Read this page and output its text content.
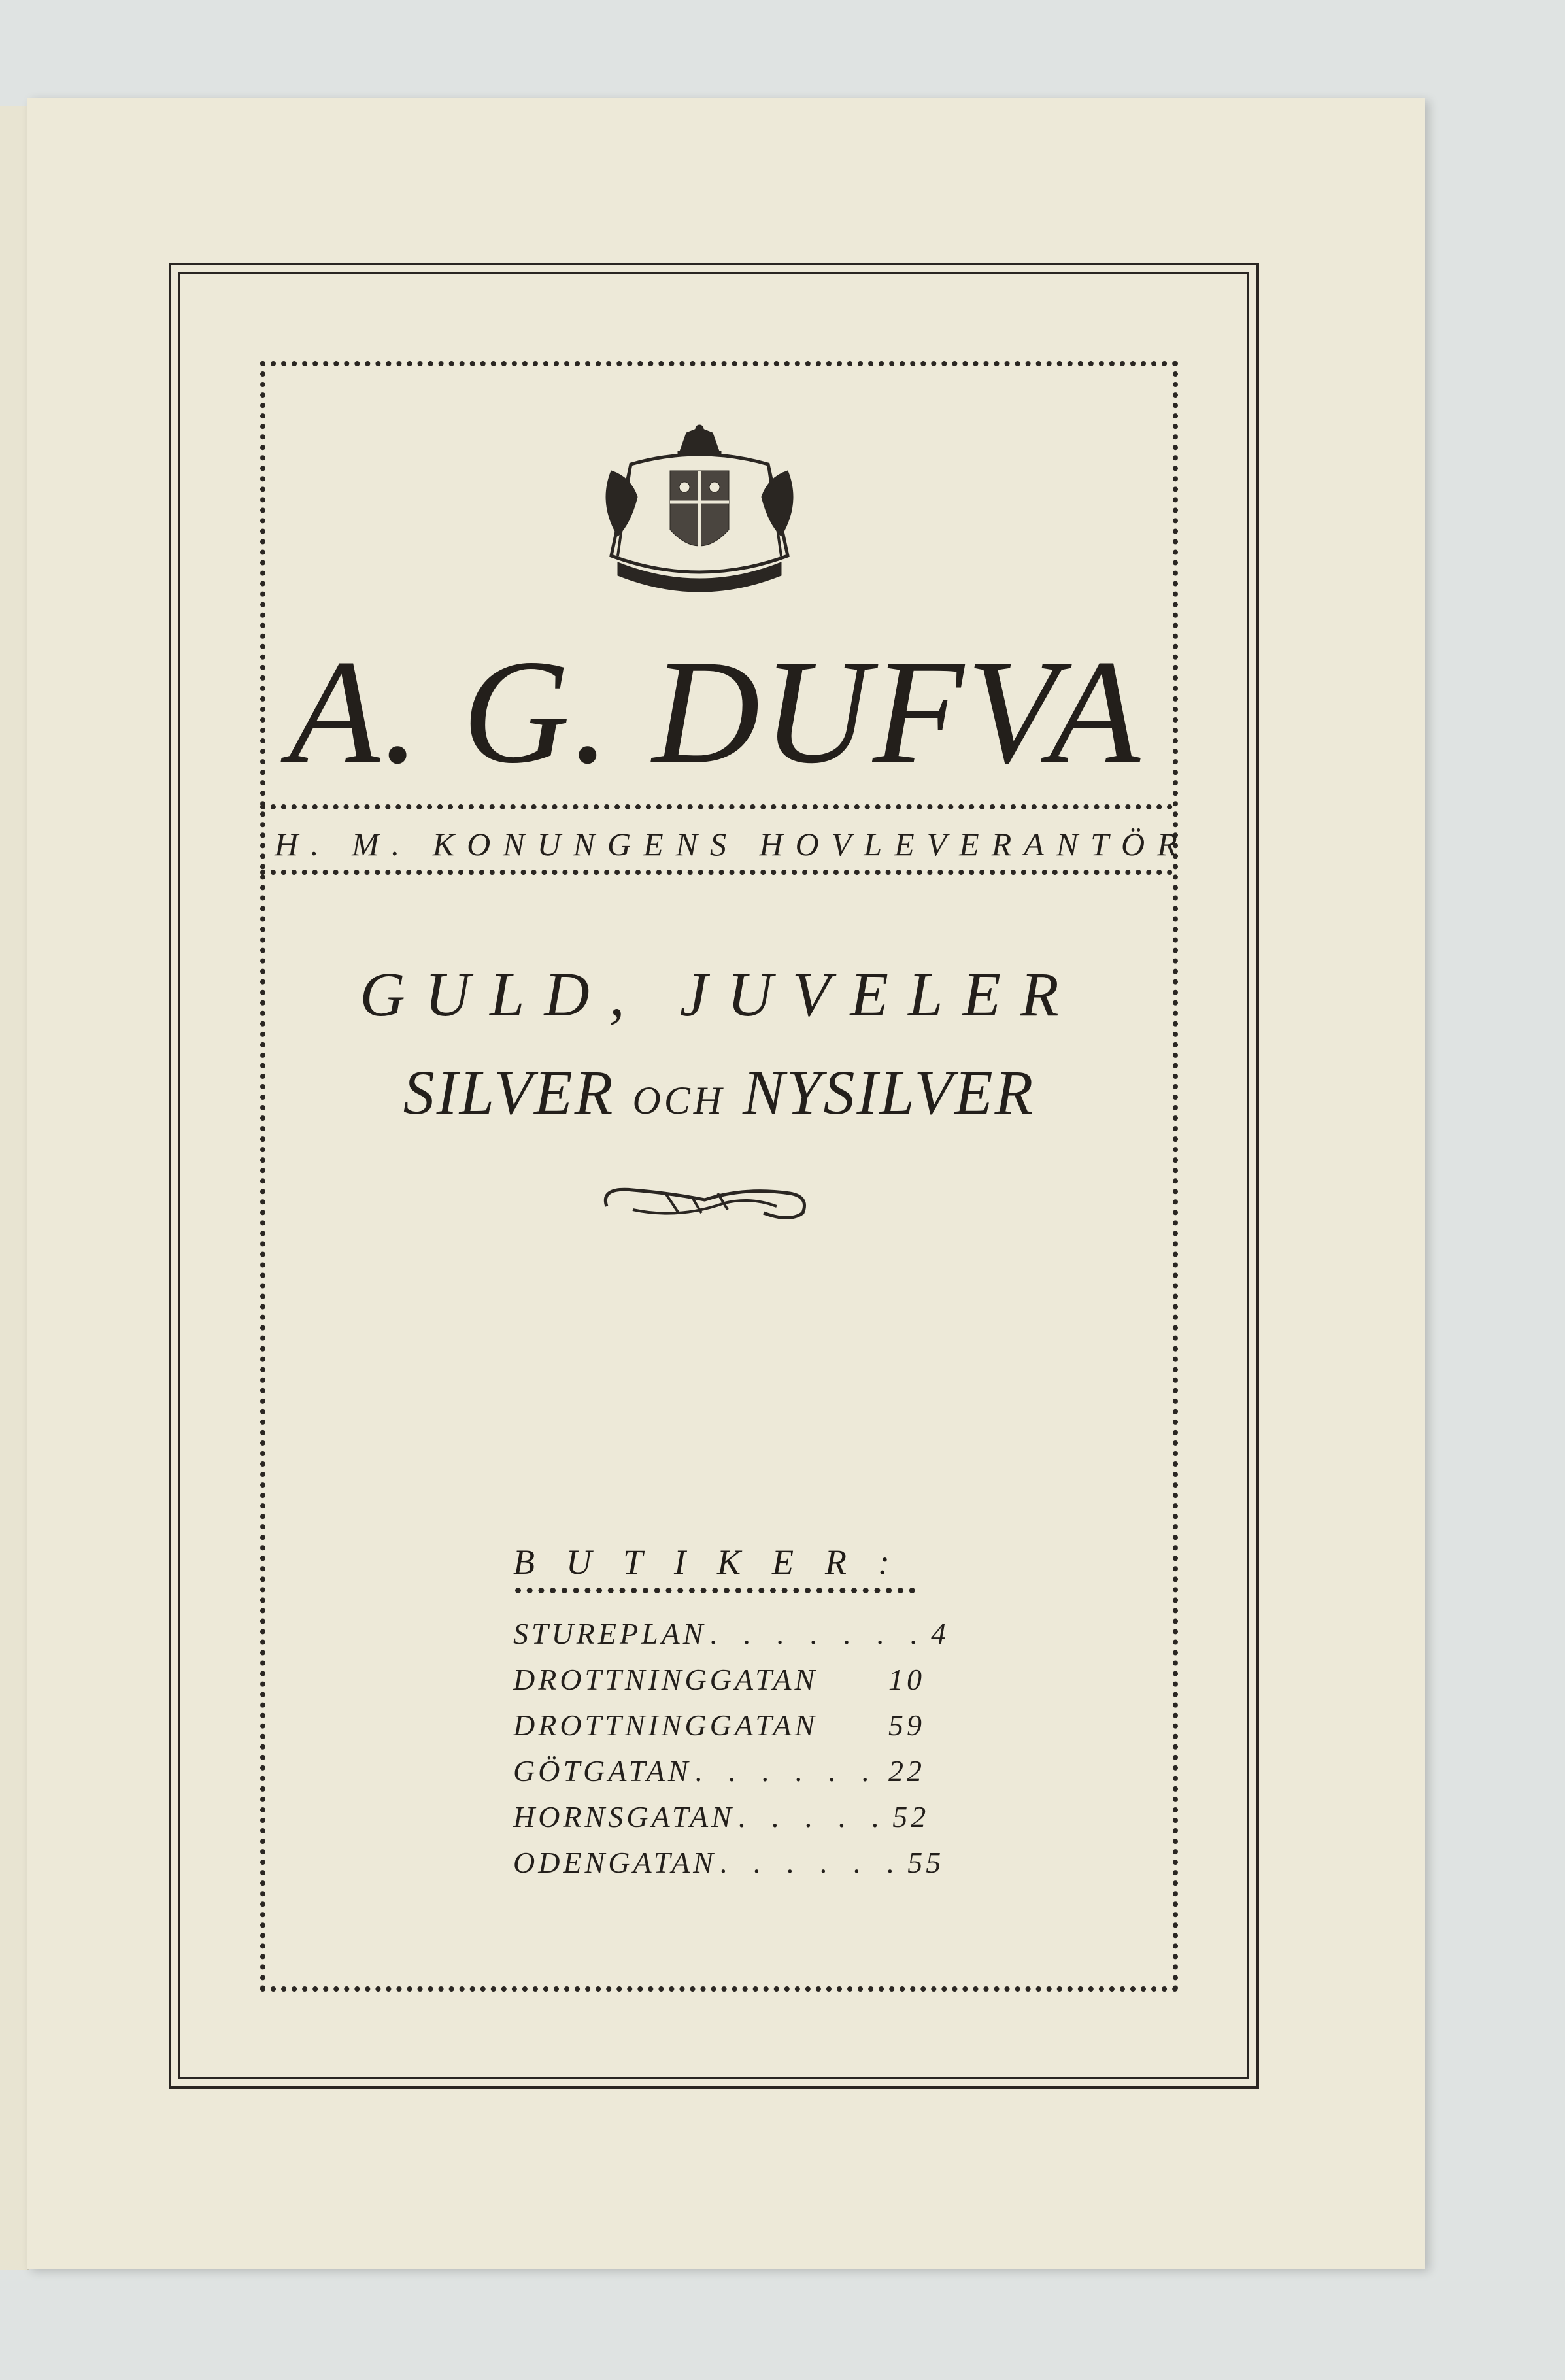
A. G. DUFVA
H. M. KONUNGENS HOVLEVERANTÖR
GULD, JUVELER
SILVER OCH NYSILVER
BUTIKER:
STUREPLAN . . . . . . . 4
DROTTNINGGATAN 10
DROTTNINGGATAN 59
GÖTGATAN . . . . . . 22
HORNSGATAN . . . . . 52
ODENGATAN . . . . . . 55
